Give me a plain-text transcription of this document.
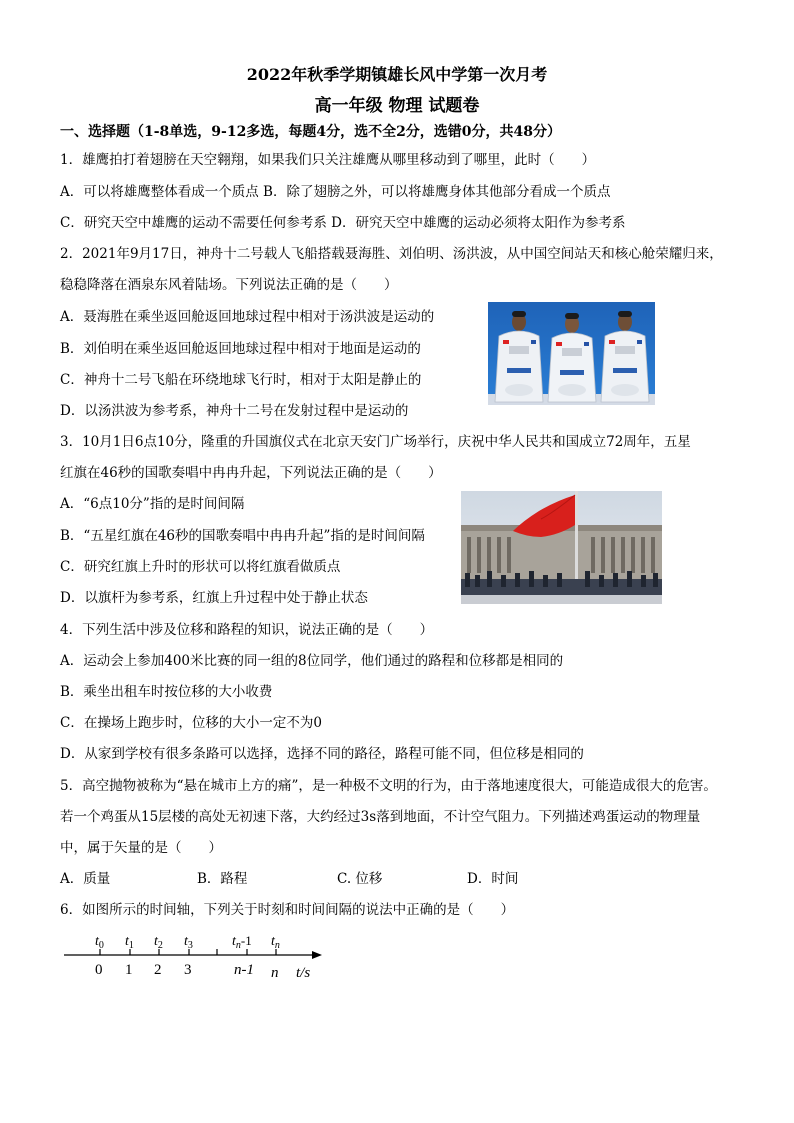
2022年秋季学期镇雄长风中学第一次月考
高一年级 物理 试题卷
一、选择题（1-8单选，9-12多选，每题4分，选不全2分，选错0分，共48分）
1．雄鹰拍打着翅膀在天空翱翔，如果我们只关注雄鹰从哪里移动到了哪里，此时（　　）
A．可以将雄鹰整体看成一个质点 B．除了翅膀之外，可以将雄鹰身体其他部分看成一个质点
C．研究天空中雄鹰的运动不需要任何参考系 D．研究天空中雄鹰的运动必须将太阳作为参考系
2．2021年9月17日，神舟十二号载人飞船搭载聂海胜、刘伯明、汤洪波，从中国空间站天和核心舱荣耀归来，
稳稳降落在酒泉东风着陆场。下列说法正确的是（　　）
A．聂海胜在乘坐返回舱返回地球过程中相对于汤洪波是运动的
B．刘伯明在乘坐返回舱返回地球过程中相对于地面是运动的
C．神舟十二号飞船在环绕地球飞行时，相对于太阳是静止的
D．以汤洪波为参考系，神舟十二号在发射过程中是运动的
3．10月1日6点10分，隆重的升国旗仪式在北京天安门广场举行，庆祝中华人民共和国成立72周年，五星
红旗在46秒的国歌奏唱中冉冉升起，下列说法正确的是（　　）
A．“6点10分”指的是时间间隔
B．“五星红旗在46秒的国歌奏唱中冉冉升起”指的是时间间隔
C．研究红旗上升时的形状可以将红旗看做质点
D．以旗杆为参考系，红旗上升过程中处于静止状态
4．下列生活中涉及位移和路程的知识，说法正确的是（　　）
A．运动会上参加400米比赛的同一组的8位同学，他们通过的路程和位移都是相同的
B．乘坐出租车时按位移的大小收费
C．在操场上跑步时，位移的大小一定不为0
D．从家到学校有很多条路可以选择，选择不同的路径，路程可能不同，但位移是相同的
5．高空抛物被称为“悬在城市上方的痛”，是一种极不文明的行为，由于落地速度很大，可能造成很大的危害。
若一个鸡蛋从15层楼的高处无初速下落，大约经过3s落到地面，不计空气阻力。下列描述鸡蛋运动的物理量
中，属于矢量的是（　　）
A．质量	B．路程	C. 位移	D．时间
6．如图所示的时间轴，下列关于时刻和时间间隔的说法中正确的是（　　）
$t_0$ $t_1$ $t_2$ $t_3$	$t_n-1$ $t_n$
0 1 2 3	n-1 n t/s
